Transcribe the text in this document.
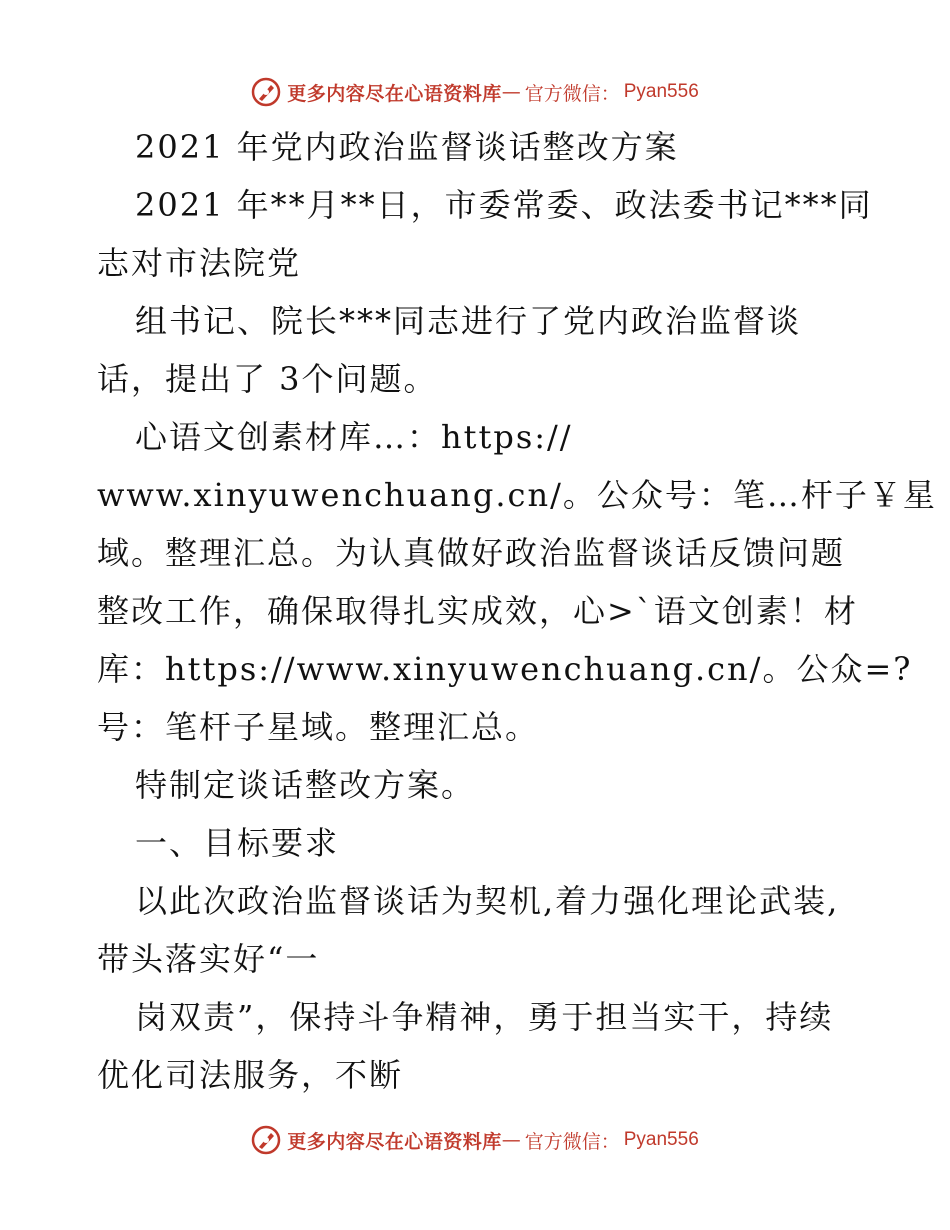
更多内容尽在心语资料库 — 官方微信： Pyan556
2021 年党内政治监督谈话整改方案
2021 年**月**日，市委常委、政法委书记***同
志对市法院党
组书记、院长***同志进行了党内政治监督谈
话，提出了 3个问题。
心语文创素材库…：https://
www.xinyuwenchuang.cn/。公众号：笔…杆子￥星
域。整理汇总。为认真做好政治监督谈话反馈问题
整改工作，确保取得扎实成效，心>`语文创素！材
库：https://www.xinyuwenchuang.cn/。公众=?
号：笔杆子星域。整理汇总。
特制定谈话整改方案。
一、目标要求
以此次政治监督谈话为契机,着力强化理论武装,
带头落实好“一
岗双责”，保持斗争精神，勇于担当实干，持续
优化司法服务，不断
更多内容尽在心语资料库 — 官方微信： Pyan556
